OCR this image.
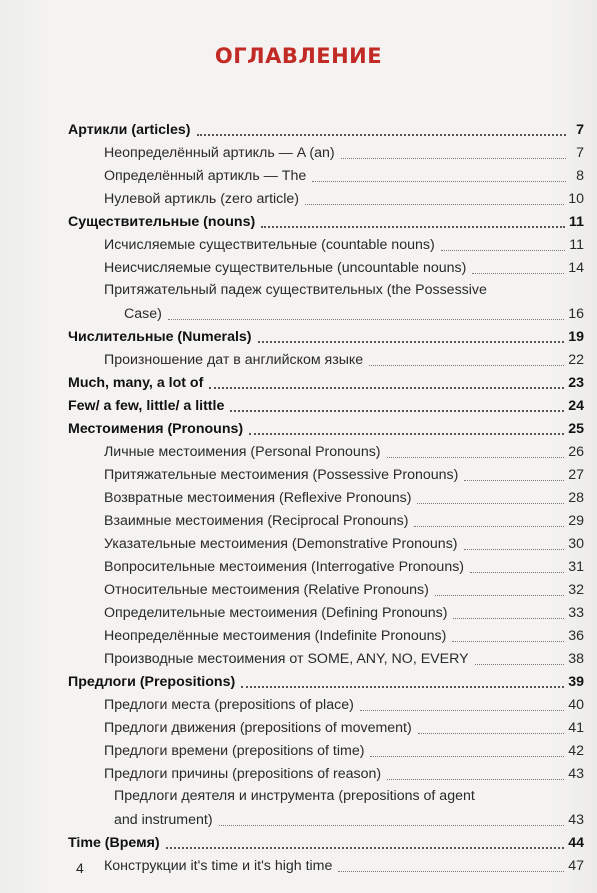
ОГЛАВЛЕНИЕ
Артикли (articles)	7
Неопределённый артикль — A (an)	7
Определённый артикль — The	8
Нулевой артикль (zero article)	10
Существительные (nouns)	11
Исчисляемые существительные (countable nouns)	11
Неисчисляемые существительные (uncountable nouns)	14
Притяжательный падеж существительных (the Possessive
Case)	16
Числительные (Numerals)	19
Произношение дат в английском языке	22
Much, many, a lot of	23
Few/ a few, little/ a little	24
Местоимения (Pronouns)	25
Личные местоимения (Personal Pronouns)	26
Притяжательные местоимения (Possessive Pronouns)	27
Возвратные местоимения (Reflexive Pronouns)	28
Взаимные местоимения (Reciprocal Pronouns)	29
Указательные местоимения (Demonstrative Pronouns)	30
Вопросительные местоимения (Interrogative Pronouns)	31
Относительные местоимения (Relative Pronouns)	32
Определительные местоимения (Defining Pronouns)	33
Неопределённые местоимения (Indefinite Pronouns)	36
Производные местоимения от SOME, ANY, NO, EVERY	38
Предлоги (Prepositions)	39
Предлоги места (prepositions of place)	40
Предлоги движения (prepositions of movement)	41
Предлоги времени (prepositions of time)	42
Предлоги причины (prepositions of reason)	43
Предлоги деятеля и инструмента (prepositions of agent
and instrument)	43
Time (Время)	44
Конструкции it's time и it's high time	47
4
